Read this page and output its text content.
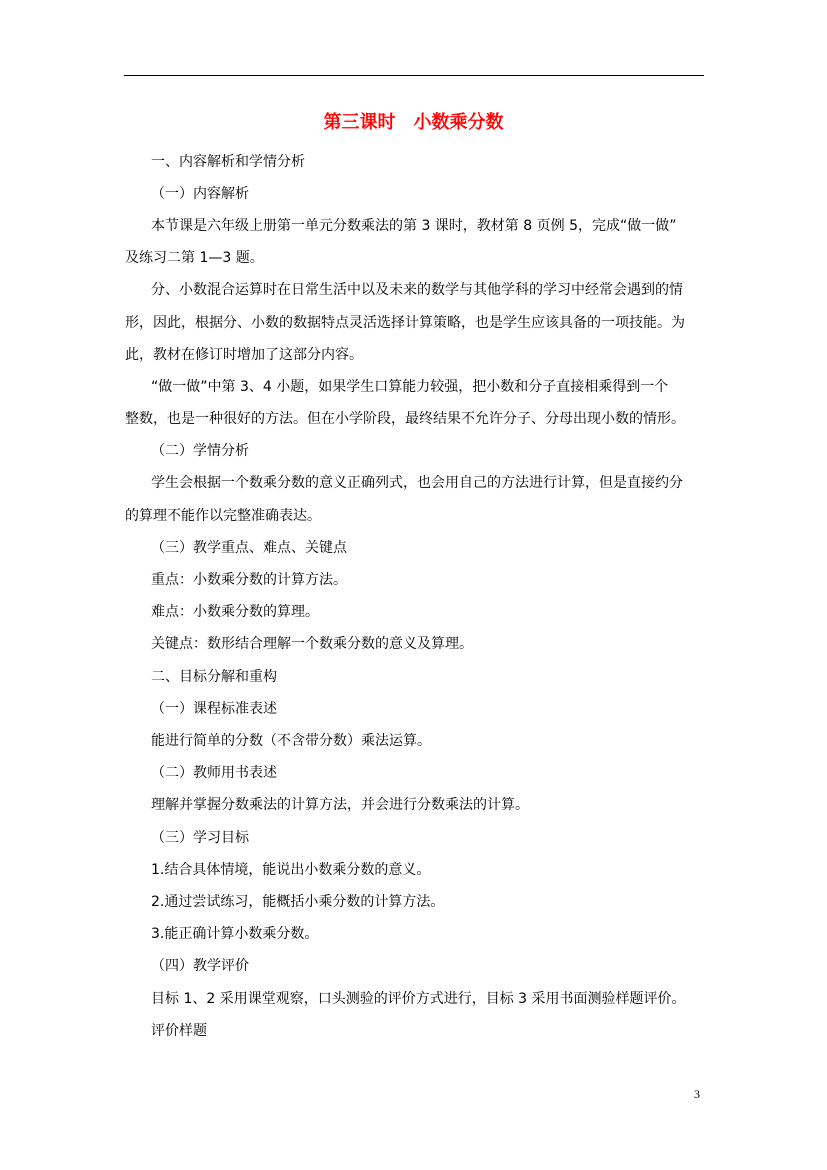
第三课时　小数乘分数
一、内容解析和学情分析
（一）内容解析
本节课是六年级上册第一单元分数乘法的第 3 课时，教材第 8 页例 5，完成“做一做”
及练习二第 1—3 题。
分、小数混合运算时在日常生活中以及未来的数学与其他学科的学习中经常会遇到的情
形，因此，根据分、小数的数据特点灵活选择计算策略，也是学生应该具备的一项技能。为
此，教材在修订时增加了这部分内容。
“做一做”中第 3、4 小题，如果学生口算能力较强，把小数和分子直接相乘得到一个
整数，也是一种很好的方法。但在小学阶段，最终结果不允许分子、分母出现小数的情形。
（二）学情分析
学生会根据一个数乘分数的意义正确列式，也会用自己的方法进行计算，但是直接约分
的算理不能作以完整准确表达。
（三）教学重点、难点、关键点
重点：小数乘分数的计算方法。
难点：小数乘分数的算理。
关键点：数形结合理解一个数乘分数的意义及算理。
二、目标分解和重构
（一）课程标准表述
能进行简单的分数（不含带分数）乘法运算。
（二）教师用书表述
理解并掌握分数乘法的计算方法，并会进行分数乘法的计算。
（三）学习目标
1.结合具体情境，能说出小数乘分数的意义。
2.通过尝试练习，能概括小乘分数的计算方法。
3.能正确计算小数乘分数。
（四）教学评价
目标 1、2 采用课堂观察，口头测验的评价方式进行，目标 3 采用书面测验样题评价。
评价样题
3
